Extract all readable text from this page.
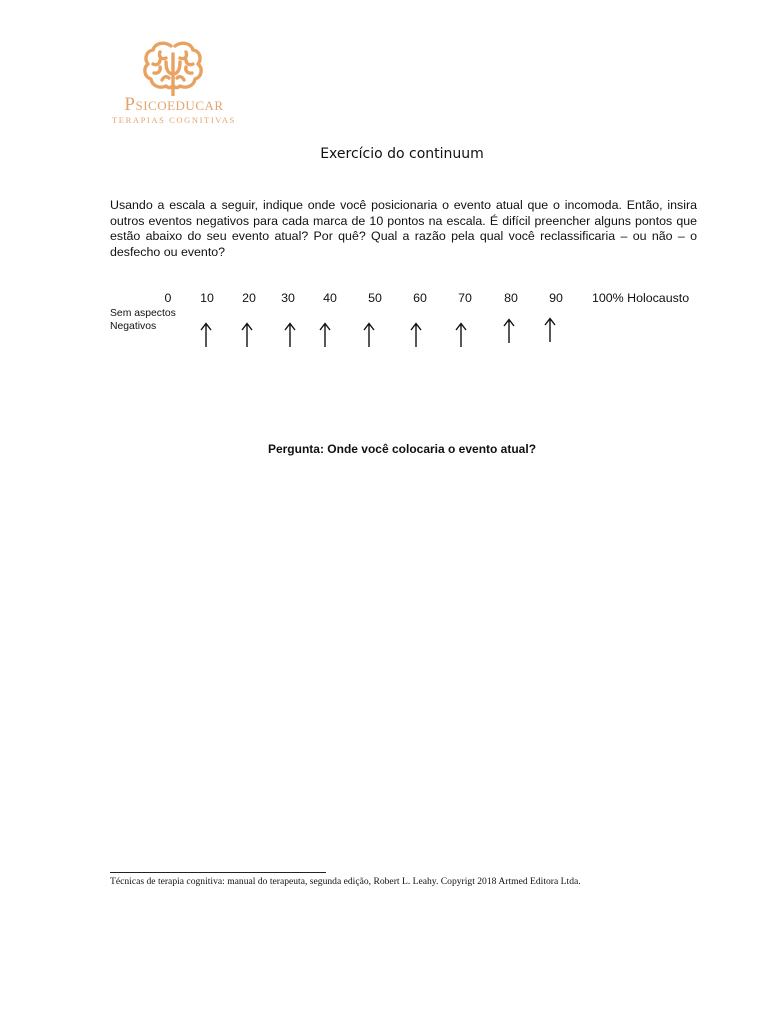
Psicoeducar
TERAPIAS COGNITIVAS
Exercício do continuum
Usando a escala a seguir, indique onde você posicionaria o evento atual que o incomoda. Então, insira outros eventos negativos para cada marca de 10 pontos na escala. É difícil preencher alguns pontos que estão abaixo do seu evento atual? Por quê? Qual a razão pela qual você reclassificaria – ou não – o desfecho ou evento?
0 10 20 30 40	50	60	70	80	90 100% Holocausto
Sem aspectos
Negativos
Pergunta: Onde você colocaria o evento atual?
Técnicas de terapia cognitiva: manual do terapeuta, segunda edição, Robert L. Leahy. Copyrigt 2018 Artmed Editora Ltda.
